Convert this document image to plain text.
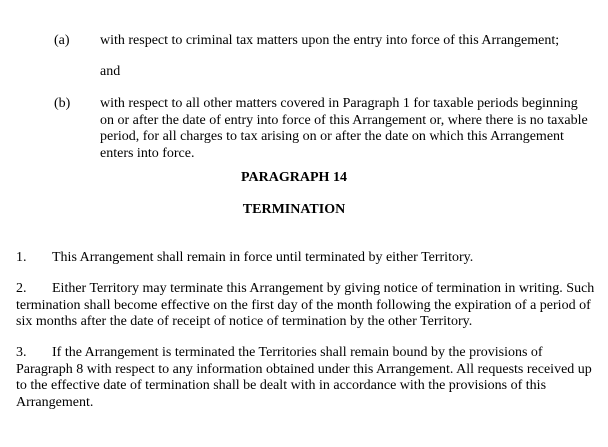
(a) with respect to criminal tax matters upon the entry into force of this Arrangement;
and
(b) with respect to all other matters covered in Paragraph 1 for taxable periods beginning on or after the date of entry into force of this Arrangement or, where there is no taxable period, for all charges to tax arising on or after the date on which this Arrangement enters into force.
PARAGRAPH 14
TERMINATION
1. This Arrangement shall remain in force until terminated by either Territory.
2. Either Territory may terminate this Arrangement by giving notice of termination in writing. Such termination shall become effective on the first day of the month following the expiration of a period of six months after the date of receipt of notice of termination by the other Territory.
3. If the Arrangement is terminated the Territories shall remain bound by the provisions of Paragraph 8 with respect to any information obtained under this Arrangement. All requests received up to the effective date of termination shall be dealt with in accordance with the provisions of this Arrangement.
